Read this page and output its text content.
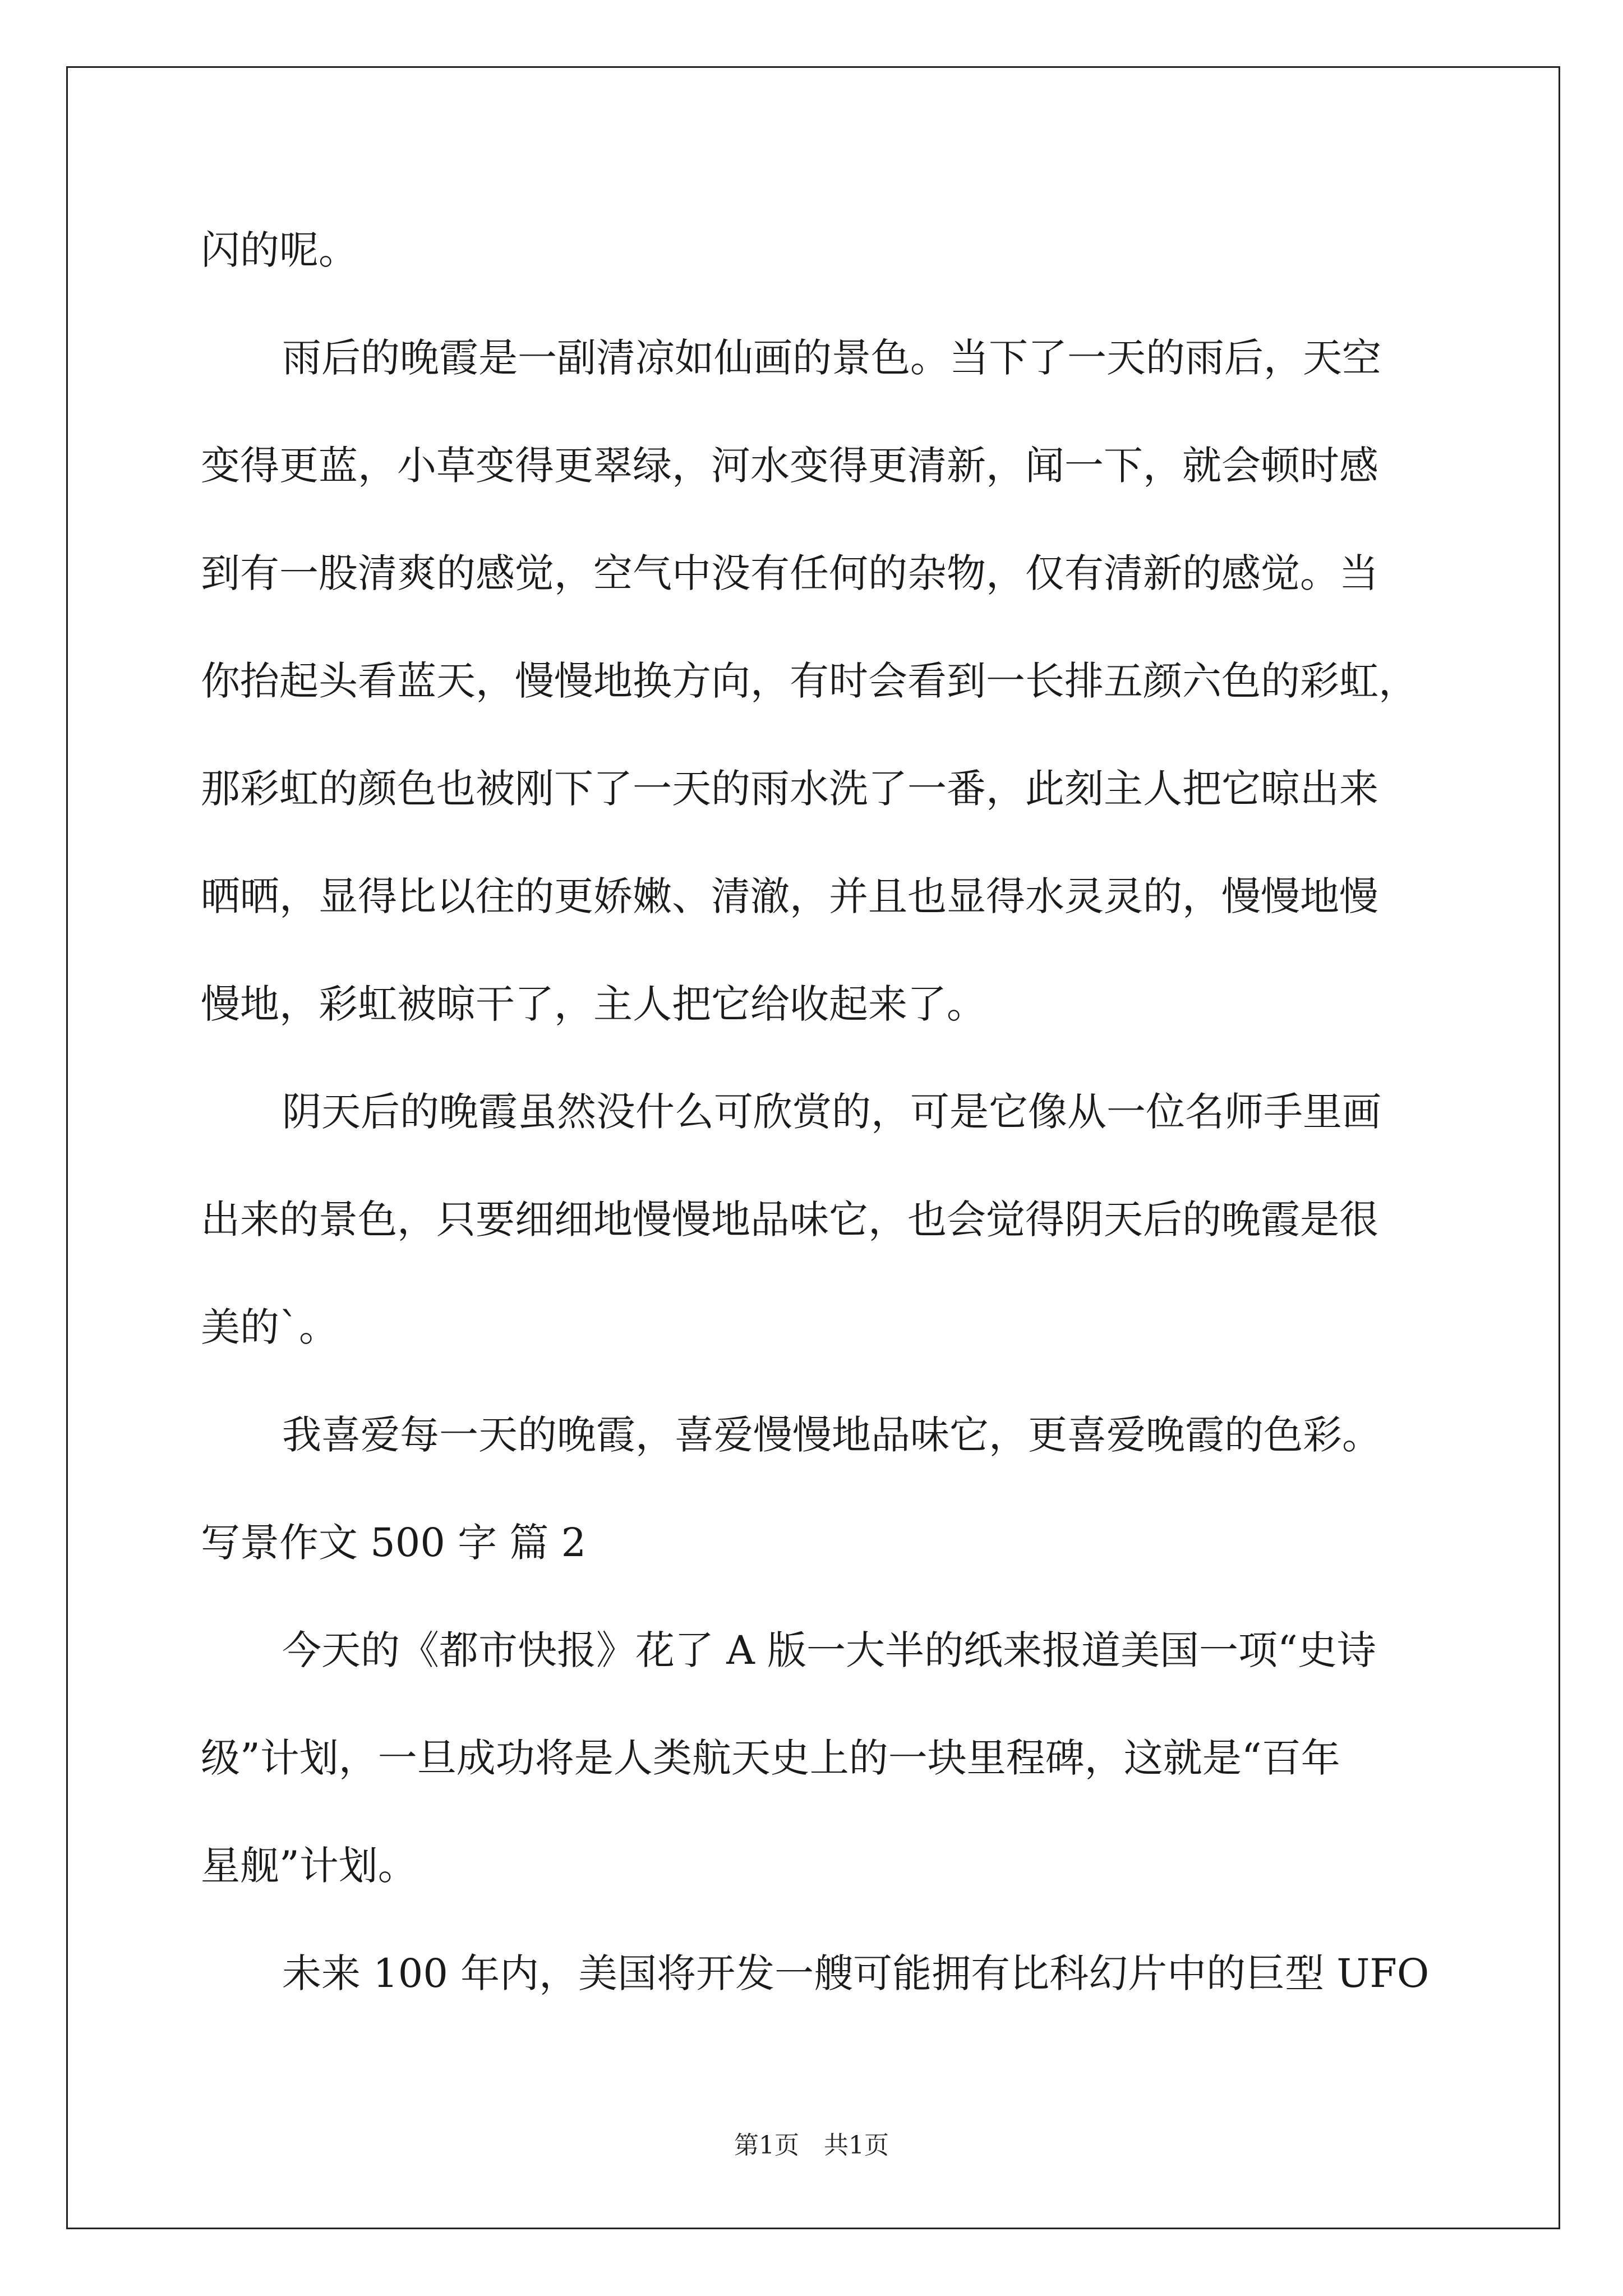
闪的呢。
雨后的晚霞是一副清凉如仙画的景色。当下了一天的雨后，天空
变得更蓝，小草变得更翠绿，河水变得更清新，闻一下，就会顿时感
到有一股清爽的感觉，空气中没有任何的杂物，仅有清新的感觉。当
你抬起头看蓝天，慢慢地换方向，有时会看到一长排五颜六色的彩虹，
那彩虹的颜色也被刚下了一天的雨水洗了一番，此刻主人把它晾出来
晒晒，显得比以往的更娇嫩、清澈，并且也显得水灵灵的，慢慢地慢
慢地，彩虹被晾干了，主人把它给收起来了。
阴天后的晚霞虽然没什么可欣赏的，可是它像从一位名师手里画
出来的景色，只要细细地慢慢地品味它，也会觉得阴天后的晚霞是很
美的`。
我喜爱每一天的晚霞，喜爱慢慢地品味它，更喜爱晚霞的色彩。
写景作文 500 字 篇 2
今天的《都市快报》花了 A 版一大半的纸来报道美国一项“史诗
级”计划，一旦成功将是人类航天史上的一块里程碑，这就是“百年
星舰”计划。
未来 100 年内，美国将开发一艘可能拥有比科幻片中的巨型 UFO
第1页　共1页
